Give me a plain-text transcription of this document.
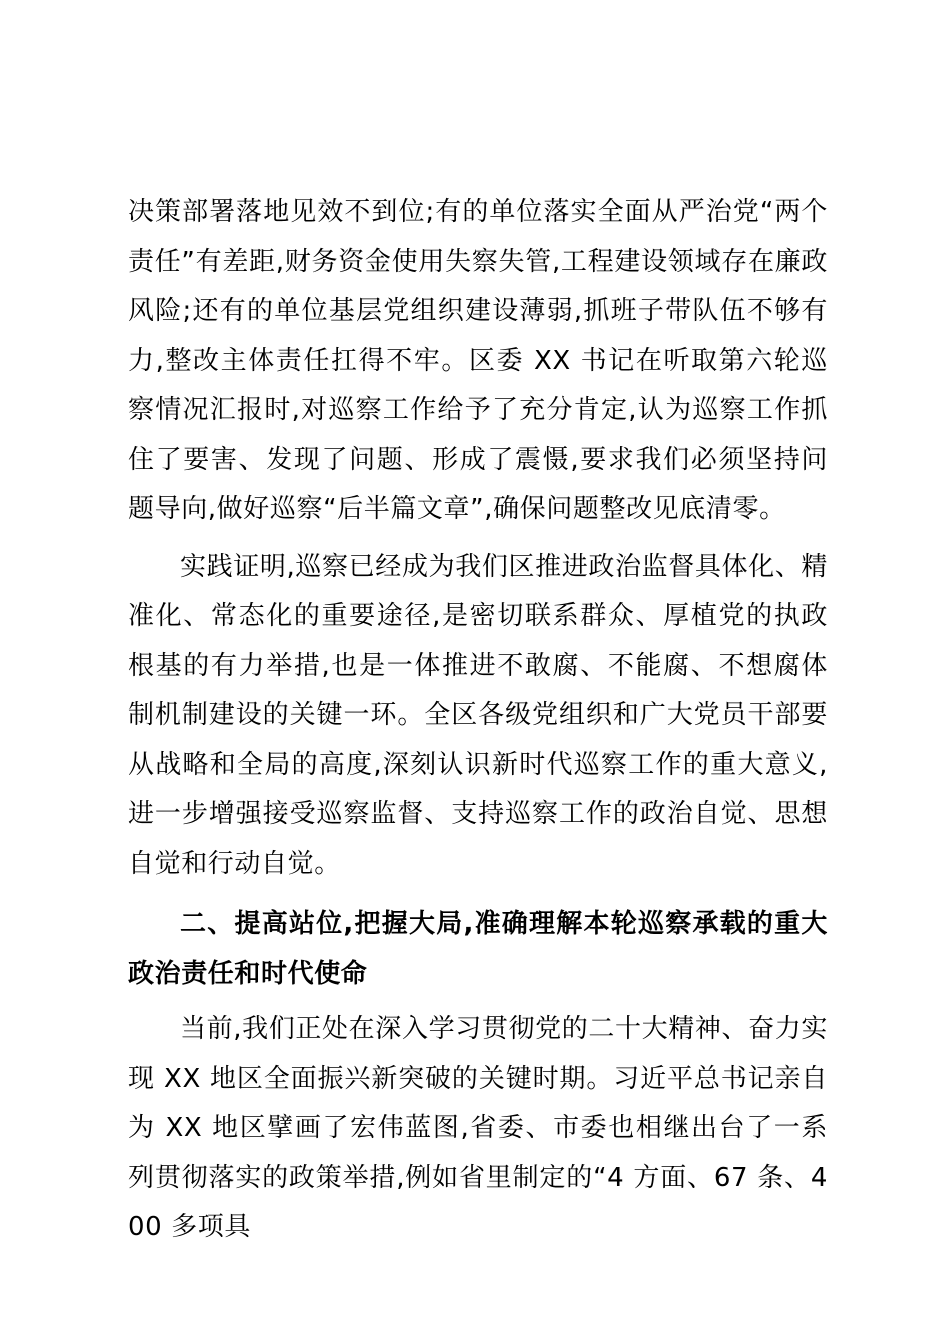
决策部署落地见效不到位;有的单位落实全面从严治党“两个责任”有差距,财务资金使用失察失管,工程建设领域存在廉政风险;还有的单位基层党组织建设薄弱,抓班子带队伍不够有力,整改主体责任扛得不牢。区委 XX 书记在听取第六轮巡察情况汇报时,对巡察工作给予了充分肯定,认为巡察工作抓住了要害、发现了问题、形成了震慑,要求我们必须坚持问题导向,做好巡察“后半篇文章”,确保问题整改见底清零。

实践证明,巡察已经成为我们区推进政治监督具体化、精准化、常态化的重要途径,是密切联系群众、厚植党的执政根基的有力举措,也是一体推进不敢腐、不能腐、不想腐体制机制建设的关键一环。全区各级党组织和广大党员干部要从战略和全局的高度,深刻认识新时代巡察工作的重大意义,进一步增强接受巡察监督、支持巡察工作的政治自觉、思想自觉和行动自觉。

二、提高站位,把握大局,准确理解本轮巡察承载的重大政治责任和时代使命

当前,我们正处在深入学习贯彻党的二十大精神、奋力实现 XX 地区全面振兴新突破的关键时期。习近平总书记亲自为 XX 地区擘画了宏伟蓝图,省委、市委也相继出台了一系列贯彻落实的政策举措,例如省里制定的“4 方面、67 条、400 多项具
